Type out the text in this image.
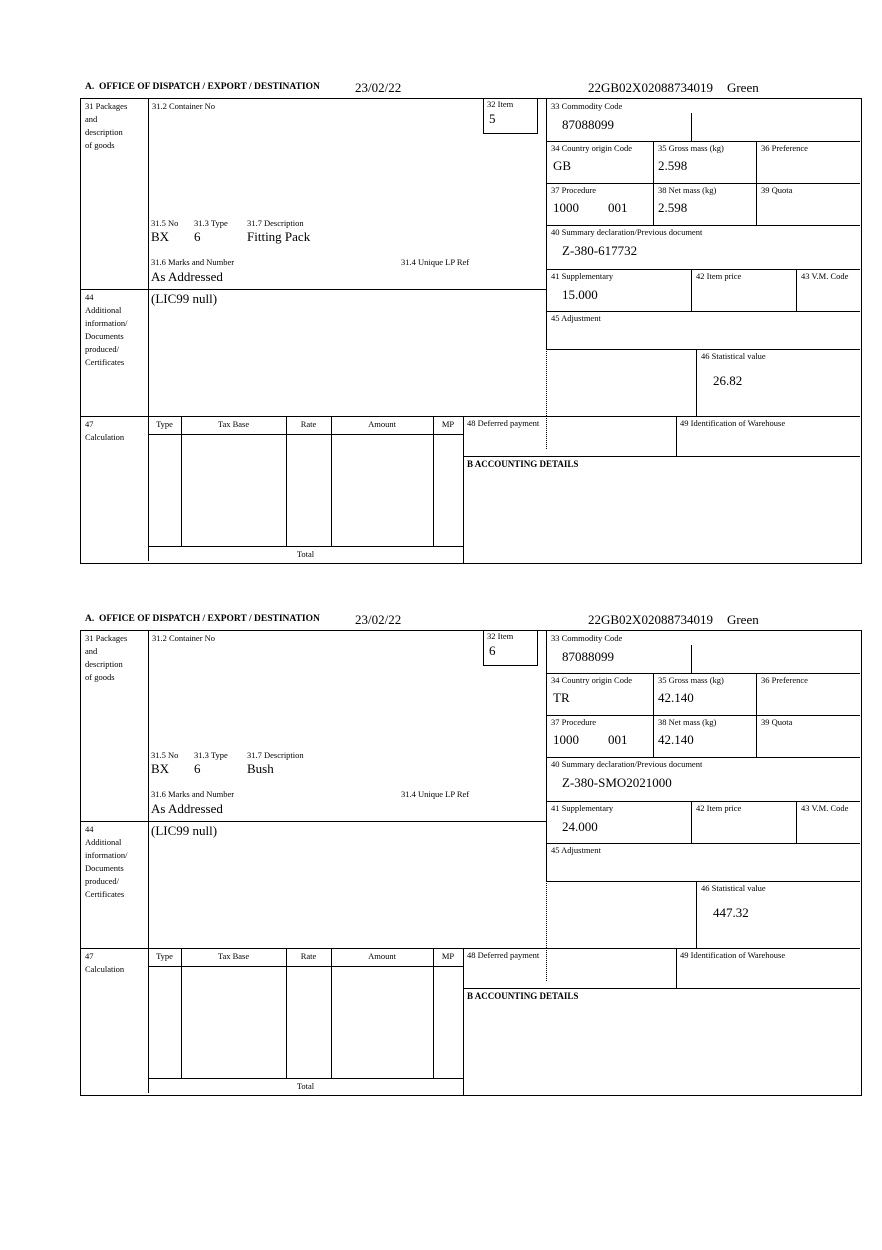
A.  OFFICE OF DISPATCH / EXPORT / DESTINATION	23/02/22	22GB02X02088734019 Green
31 Packages
and
description
of goods
44
Additional
information/
Documents
produced/
Certificates
47
Calculation
31.2 Container No	32 Item
5
31.5 No 31.3 Type 31.7 Description
BX 6	Fitting Pack
31.6 Marks and Number	31.4 Unique LP Ref
As Addressed
(LIC99 null)
33 Commodity Code
87088099
34 Country origin Code
GB
35 Gross mass (kg)
2.598
36 Preference
37 Procedure
1000 001
38 Net mass (kg)
2.598
39 Quota
40 Summary declaration/Previous document
Z-380-617732
41 Supplementary
15.000
42 Item price	43 V.M. Code
45 Adjustment
46 Statistical value
26.82
Type	Tax Base	Rate	Amount	MP
Total
48 Deferred payment	49 Identification of Warehouse
B ACCOUNTING DETAILS
A.  OFFICE OF DISPATCH / EXPORT / DESTINATION	23/02/22	22GB02X02088734019 Green
31 Packages
and
description
of goods
44
Additional
information/
Documents
produced/
Certificates
47
Calculation
31.2 Container No	32 Item
6
31.5 No 31.3 Type 31.7 Description
BX 6	Bush
31.6 Marks and Number	31.4 Unique LP Ref
As Addressed
(LIC99 null)
33 Commodity Code
87088099
34 Country origin Code
TR
35 Gross mass (kg)
42.140
36 Preference
37 Procedure
1000 001
38 Net mass (kg)
42.140
39 Quota
40 Summary declaration/Previous document
Z-380-SMO2021000
41 Supplementary
24.000
42 Item price	43 V.M. Code
45 Adjustment
46 Statistical value
447.32
Type	Tax Base	Rate	Amount	MP
Total
48 Deferred payment	49 Identification of Warehouse
B ACCOUNTING DETAILS
